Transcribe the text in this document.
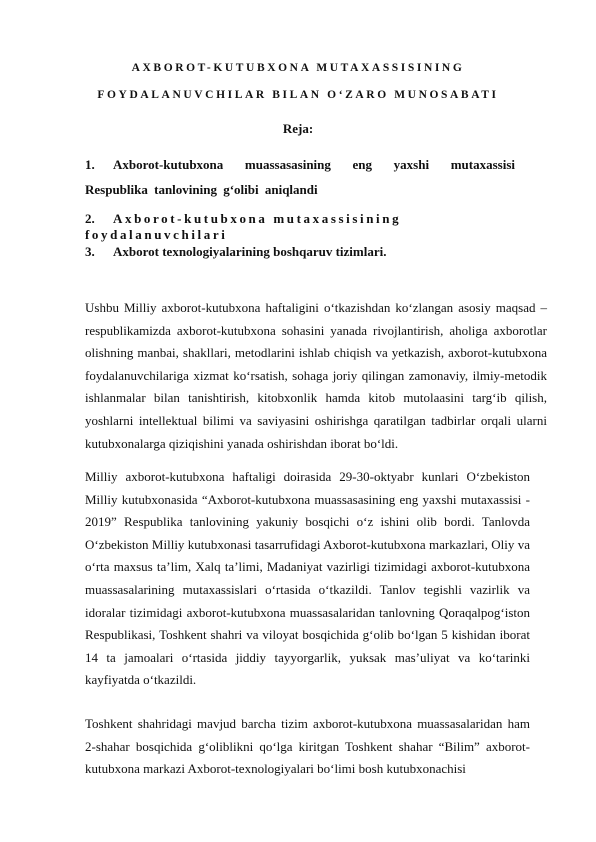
AXBOROT-KUTUBXONA MUTAXASSISINING
FOYDALANUVCHILAR BILAN O‘ZARO MUNOSABATI
Reja:
1.	Axborot-kutubxona muassasasining eng yaxshi mutaxassisi Respublika tanlovining g‘olibi aniqlandi
2. Axborot-kutubxona mutaxassisining foydalanuvchilari
3. Axborot texnologiyalarining boshqaruv tizimlari.

Ushbu Milliy axborot-kutubxona haftaligini o‘tkazishdan ko‘zlangan asosiy maqsad – respublikamizda axborot-kutubxona sohasini yanada rivojlantirish, aholiga axborotlar olishning manbai, shakllari, metodlarini ishlab chiqish va yetkazish, axborot-kutubxona foydalanuvchilariga xizmat ko‘rsatish, sohaga joriy qilingan zamonaviy, ilmiy-metodik ishlanmalar bilan tanishtirish, kitobxonlik hamda kitob mutolaasini targ‘ib qilish, yoshlarni intellektual bilimi va saviyasini oshirishga qaratilgan tadbirlar orqali ularni kutubxonalarga qiziqishini yanada oshirishdan iborat bo‘ldi.

Milliy axborot-kutubxona haftaligi doirasida 29-30-oktyabr kunlari O‘zbekiston Milliy kutubxonasida “Axborot-kutubxona muassasasining eng yaxshi mutaxassisi - 2019” Respublika tanlovining yakuniy bosqichi o‘z ishini olib bordi. Tanlovda O‘zbekiston Milliy kutubxonasi tasarrufidagi Axborot-kutubxona markazlari, Oliy va o‘rta maxsus ta’lim, Xalq ta’limi, Madaniyat vazirligi tizimidagi axborot-kutubxona muassasalarining mutaxassislari o‘rtasida o‘tkazildi. Tanlov tegishli vazirlik va idoralar tizimidagi axborot-kutubxona muassasalaridan tanlovning Qoraqalpog‘iston Respublikasi, Toshkent shahri va viloyat bosqichida g‘olib bo‘lgan 5 kishidan iborat 14 ta jamoalari o‘rtasida jiddiy tayyorgarlik, yuksak mas’uliyat va ko‘tarinki kayfiyatda o‘tkazildi.

Toshkent shahridagi mavjud barcha tizim axborot-kutubxona muassasalaridan ham 2-shahar bosqichida g‘oliblikni qo‘lga kiritgan Toshkent shahar “Bilim” axborot-kutubxona markazi Axborot-texnologiyalari bo‘limi bosh kutubxonachisi
